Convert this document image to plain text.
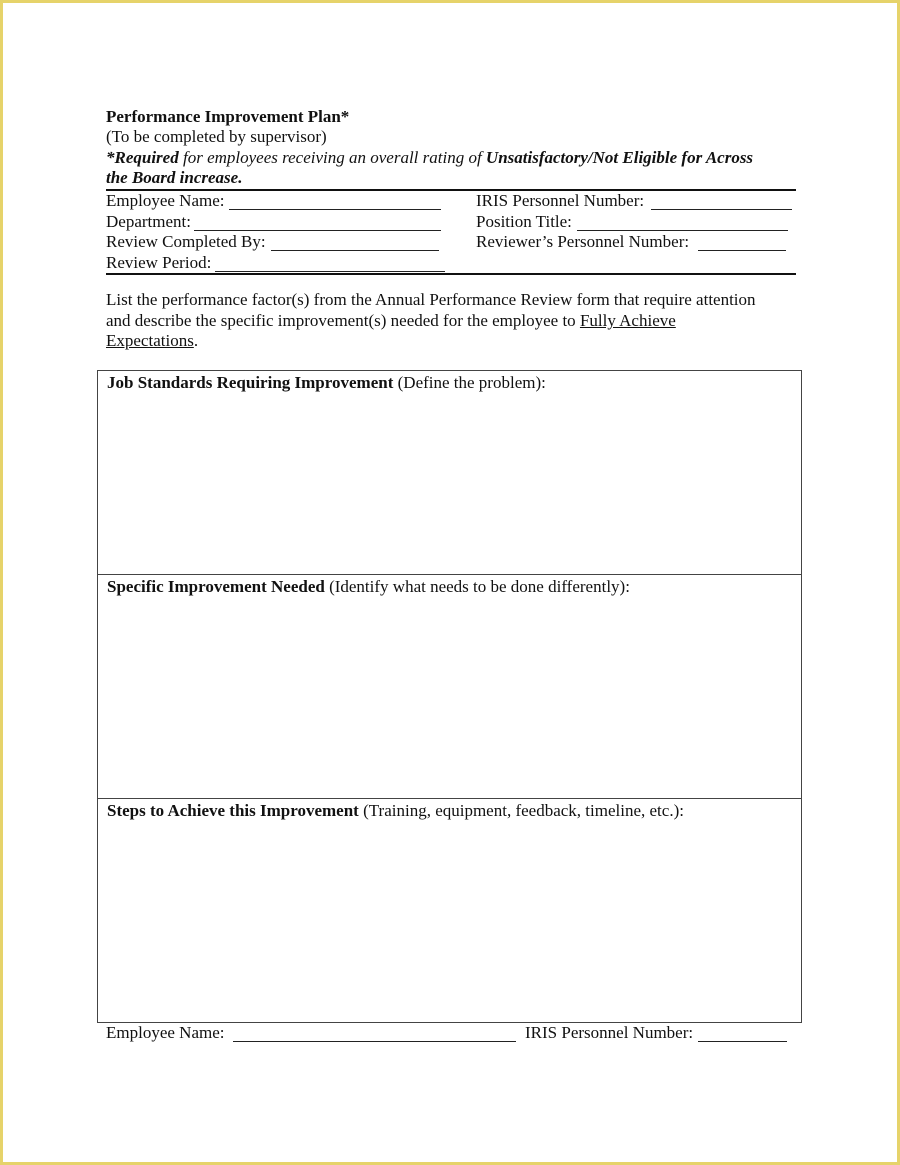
Performance Improvement Plan*
(To be completed by supervisor)
*Required for employees receiving an overall rating of Unsatisfactory/Not Eligible for Across
the Board increase.
Employee Name:
Department:
Review Completed By:
Review Period:
IRIS Personnel Number:
Position Title:
Reviewer’s Personnel Number:
List the performance factor(s) from the Annual Performance Review form that require attention
and describe the specific improvement(s) needed for the employee to Fully Achieve
Expectations.
Job Standards Requiring Improvement (Define the problem):
Specific Improvement Needed (Identify what needs to be done differently):
Steps to Achieve this Improvement (Training, equipment, feedback, timeline, etc.):
Employee Name:	IRIS Personnel Number:
